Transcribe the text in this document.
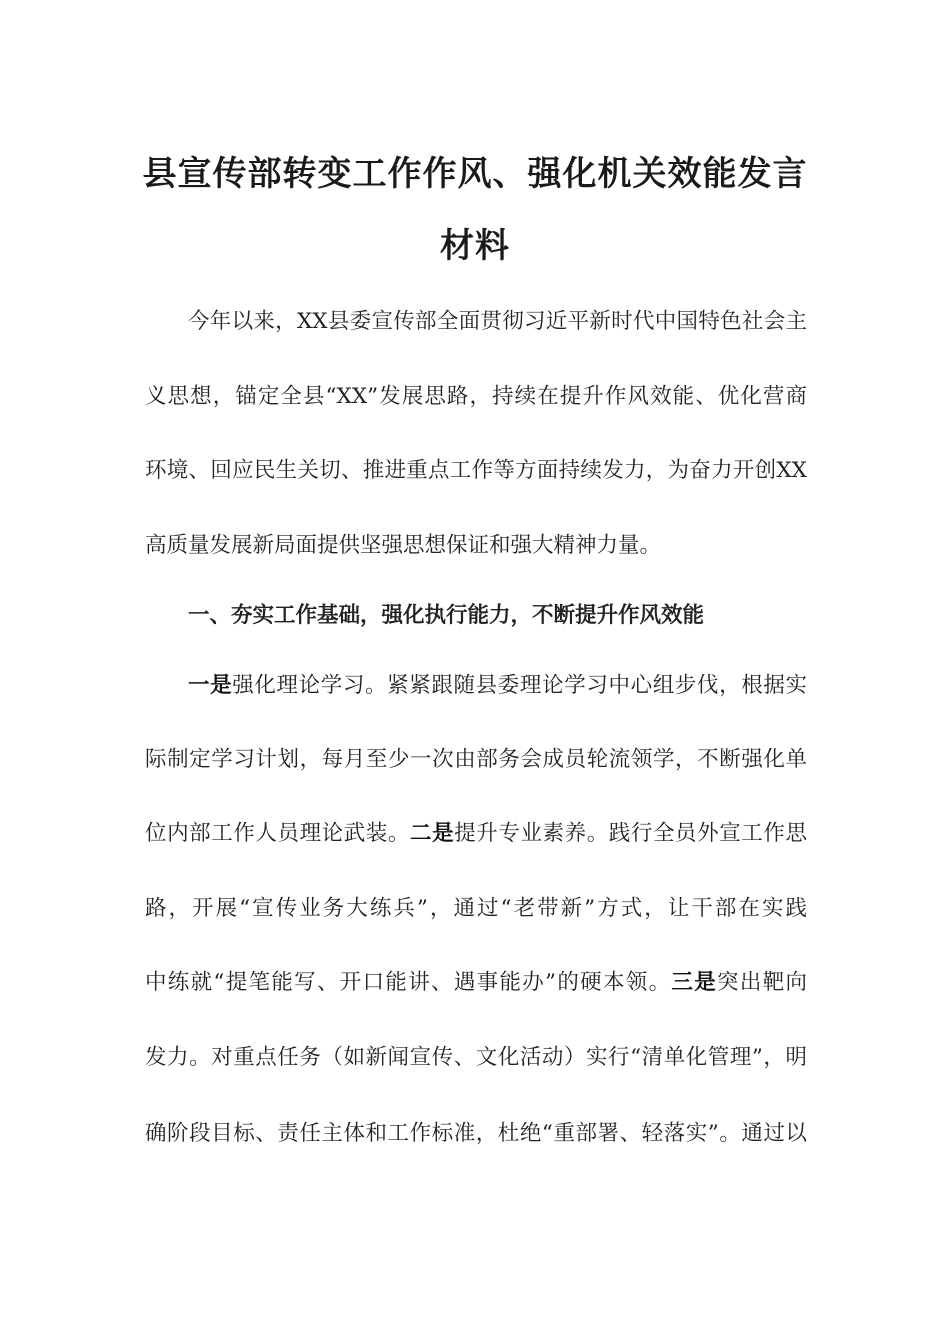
县宣传部转变工作作风、强化机关效能发言
材料
今年以来，XX县委宣传部全面贯彻习近平新时代中国特色社会主
义思想，锚定全县“XX”发展思路，持续在提升作风效能、优化营商
环境、回应民生关切、推进重点工作等方面持续发力，为奋力开创XX
高质量发展新局面提供坚强思想保证和强大精神力量。
一、夯实工作基础，强化执行能力，不断提升作风效能
一是强化理论学习。紧紧跟随县委理论学习中心组步伐，根据实
际制定学习计划，每月至少一次由部务会成员轮流领学，不断强化单
位内部工作人员理论武装。二是提升专业素养。践行全员外宣工作思
路，开展“宣传业务大练兵”，通过“老带新”方式，让干部在实践
中练就“提笔能写、开口能讲、遇事能办”的硬本领。三是突出靶向
发力。对重点任务（如新闻宣传、文化活动）实行“清单化管理”，明
确阶段目标、责任主体和工作标准，杜绝“重部署、轻落实”。通过以
